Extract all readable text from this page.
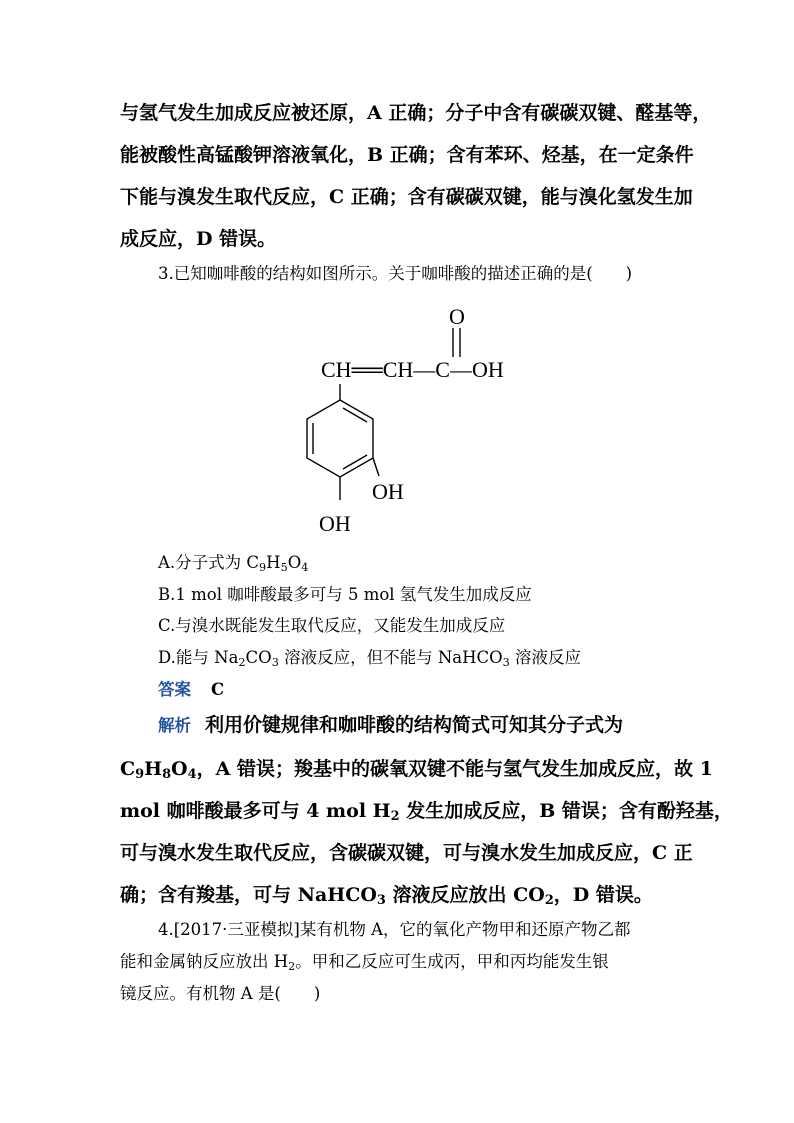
与氢气发生加成反应被还原，A 正确；分子中含有碳碳双键、醛基等，
能被酸性高锰酸钾溶液氧化，B 正确；含有苯环、烃基，在一定条件
下能与溴发生取代反应，C 正确；含有碳碳双键，能与溴化氢发生加
成反应，D 错误。
3.已知咖啡酸的结构如图所示。关于咖啡酸的描述正确的是(　　)
O
CH══CH—C—OH
OH
OH
A.分子式为 $C_9H_5O_4$
B.1 mol 咖啡酸最多可与 5 mol 氢气发生加成反应
C.与溴水既能发生取代反应，又能发生加成反应
D.能与 $Na_2CO_3$ 溶液反应，但不能与 NaHCO$_3$ 溶液反应
答案 C
解析 利用价键规律和咖啡酸的结构简式可知其分子式为
$C_9H_8O_4$，A 错误；羧基中的碳氧双键不能与氢气发生加成反应，故 1
mol 咖啡酸最多可与 4 mol $H_2$ 发生加成反应，B 错误；含有酚羟基，
可与溴水发生取代反应，含碳碳双键，可与溴水发生加成反应，C 正
确；含有羧基，可与 NaHCO$_3$ 溶液反应放出 $CO_2$，D 错误。
4.[2017·三亚模拟]某有机物 A，它的氧化产物甲和还原产物乙都
能和金属钠反应放出 $H_2$。甲和乙反应可生成丙，甲和丙均能发生银
镜反应。有机物 A 是(　　)
